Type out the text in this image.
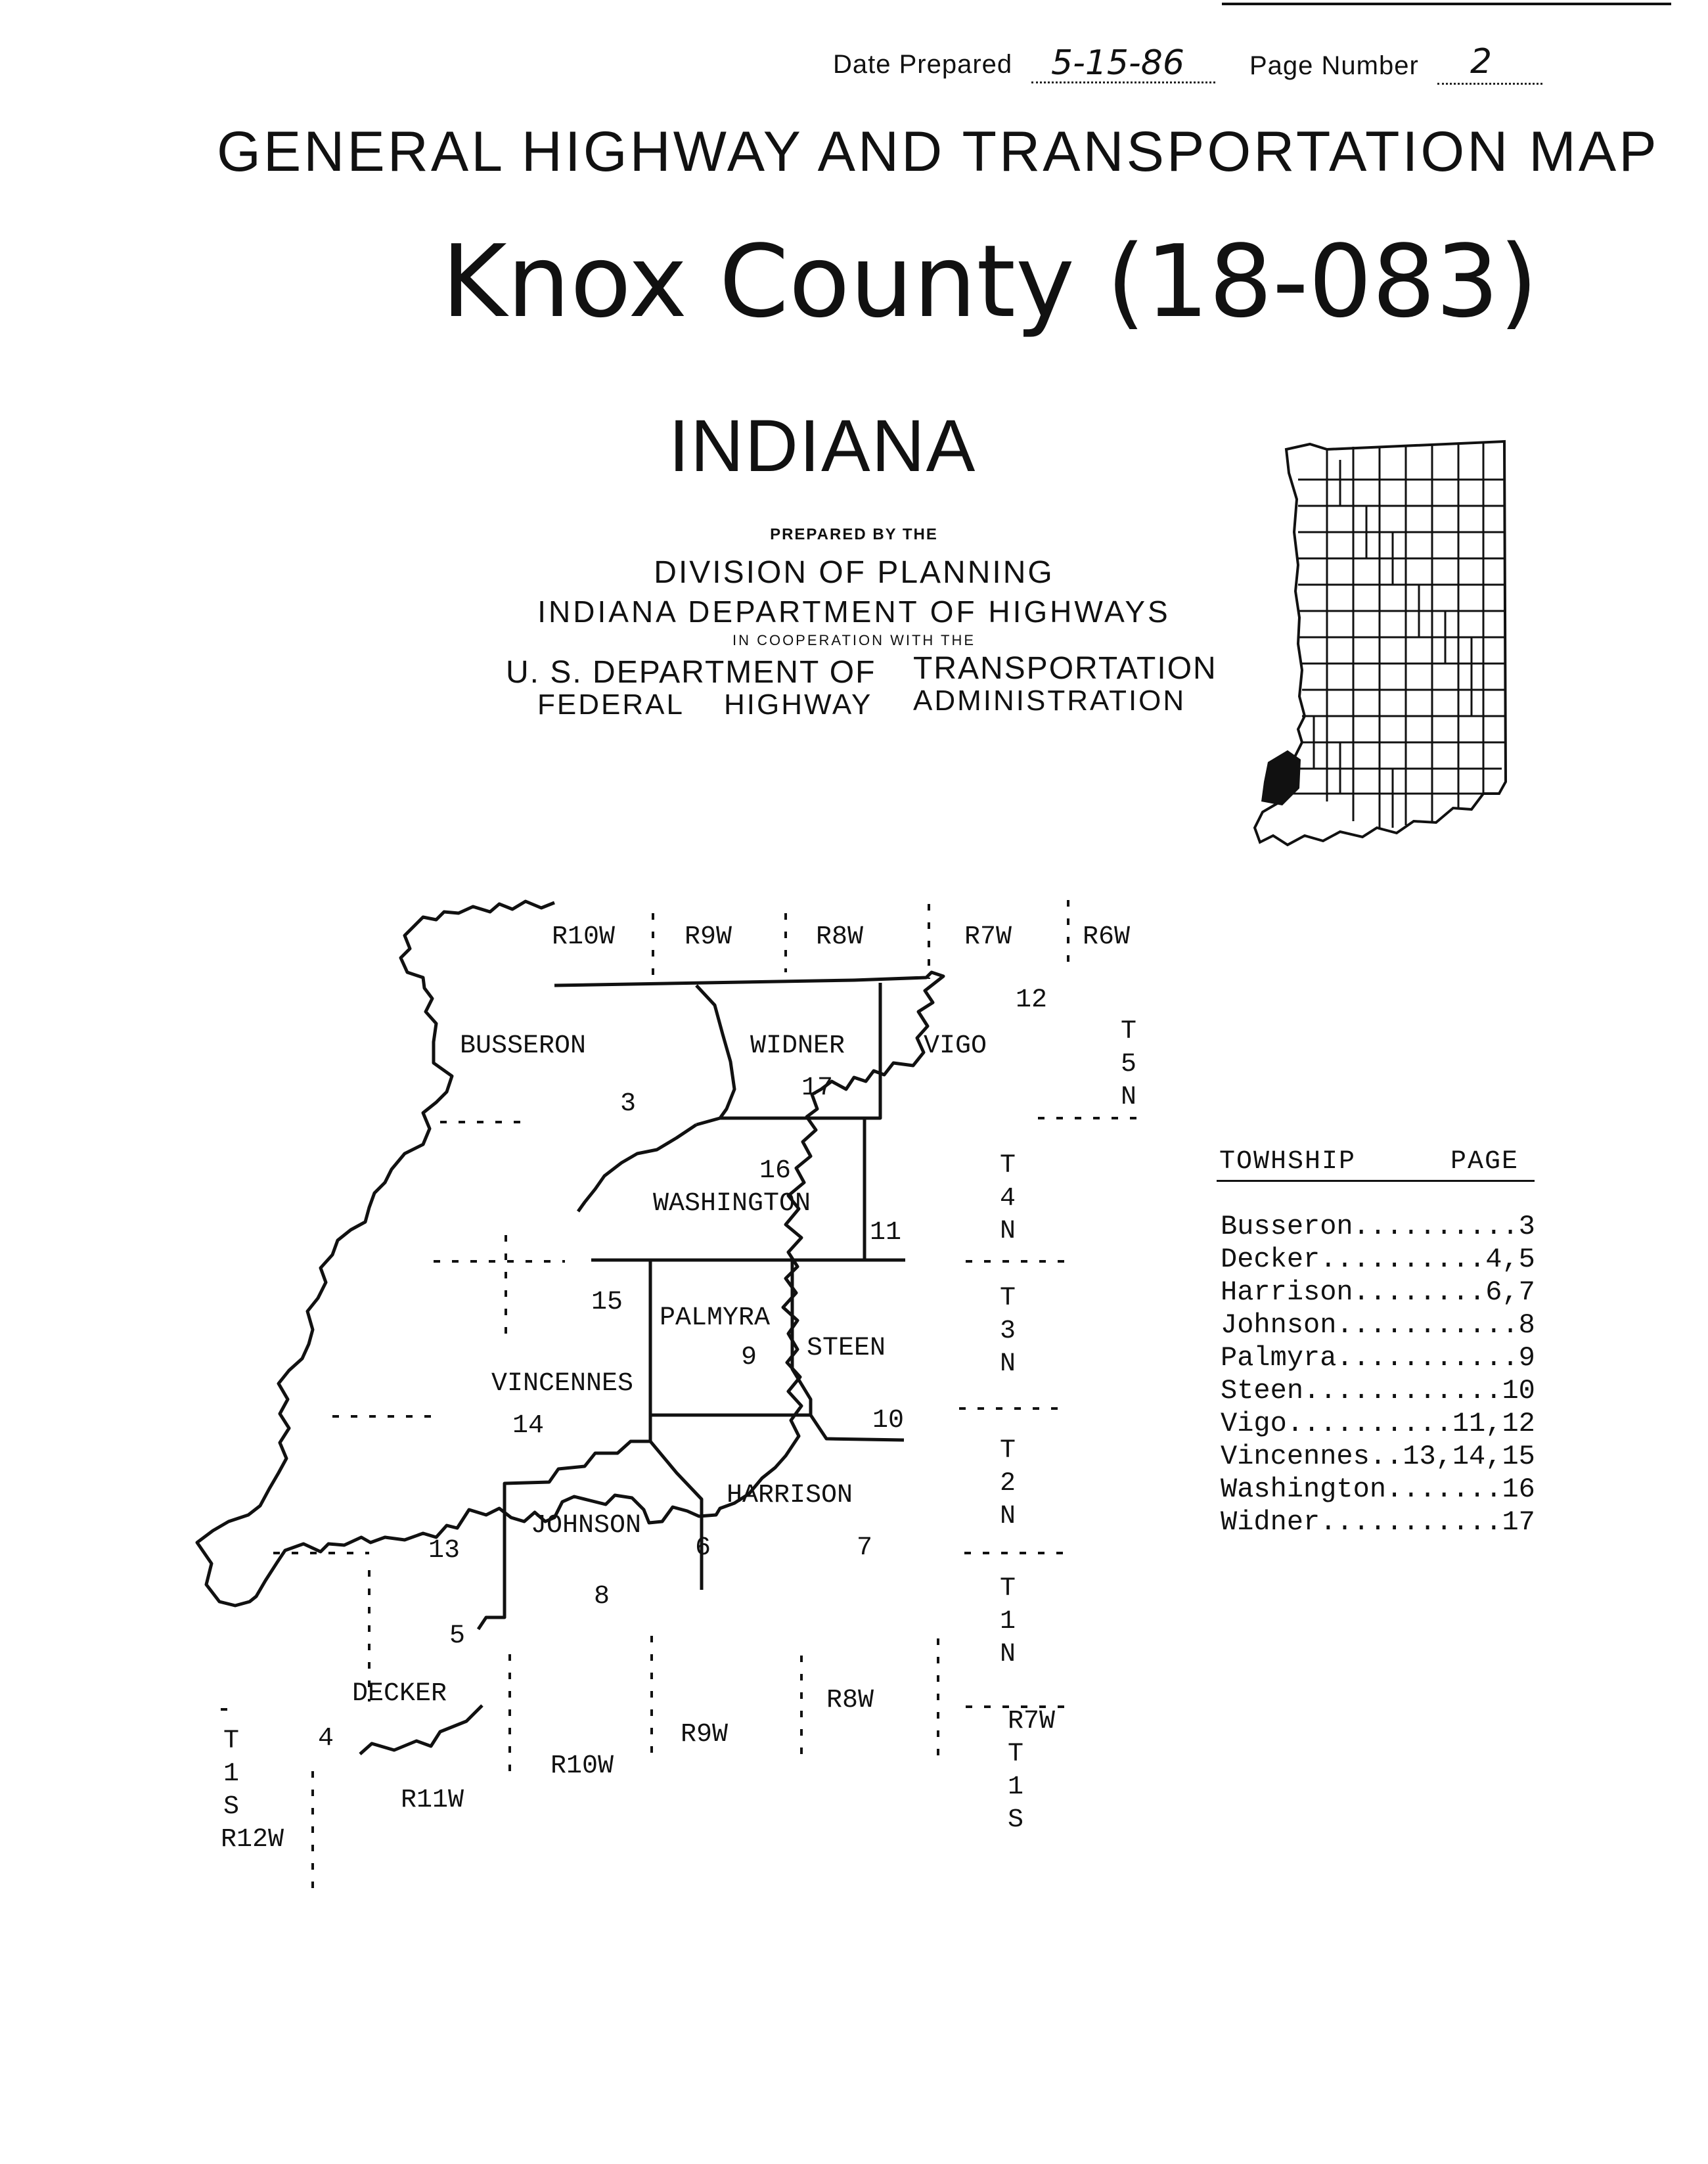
Date Prepared 5-15-86 Page Number 2
GENERAL HIGHWAY AND TRANSPORTATION MAP
Knox County (18-083)
INDIANA
PREPARED BY THE
DIVISION OF PLANNING
INDIANA DEPARTMENT OF HIGHWAYS
IN COOPERATION WITH THE
U. S. DEPARTMENT OF TRANSPORTATION
FEDERAL HIGHWAY ADMINISTRATION
BUSSERON
3
WIDNER
17
VIGO
12
16
WASHINGTON
11
PALMYRA
9 STEEN
10
15
VINCENNES
14
13
JOHNSON
8
HARRISON
6	7
DECKER
4
5
R10W	R9W	R8W	R7W	R6W
T
5
N
T
4
N
T
3
N
T
2
N
T
1
N
T
1
S
T
1
S
R12W
R11W
R10W
R9W
R8W
R7W
TOWHSHIP	PAGE
Busseron..........3
Decker..........4,5
Harrison........6,7
Johnson...........8
Palmyra...........9
Steen............10
Vigo..........11,12
Vincennes..13,14,15
Washington.......16
Widner...........17
